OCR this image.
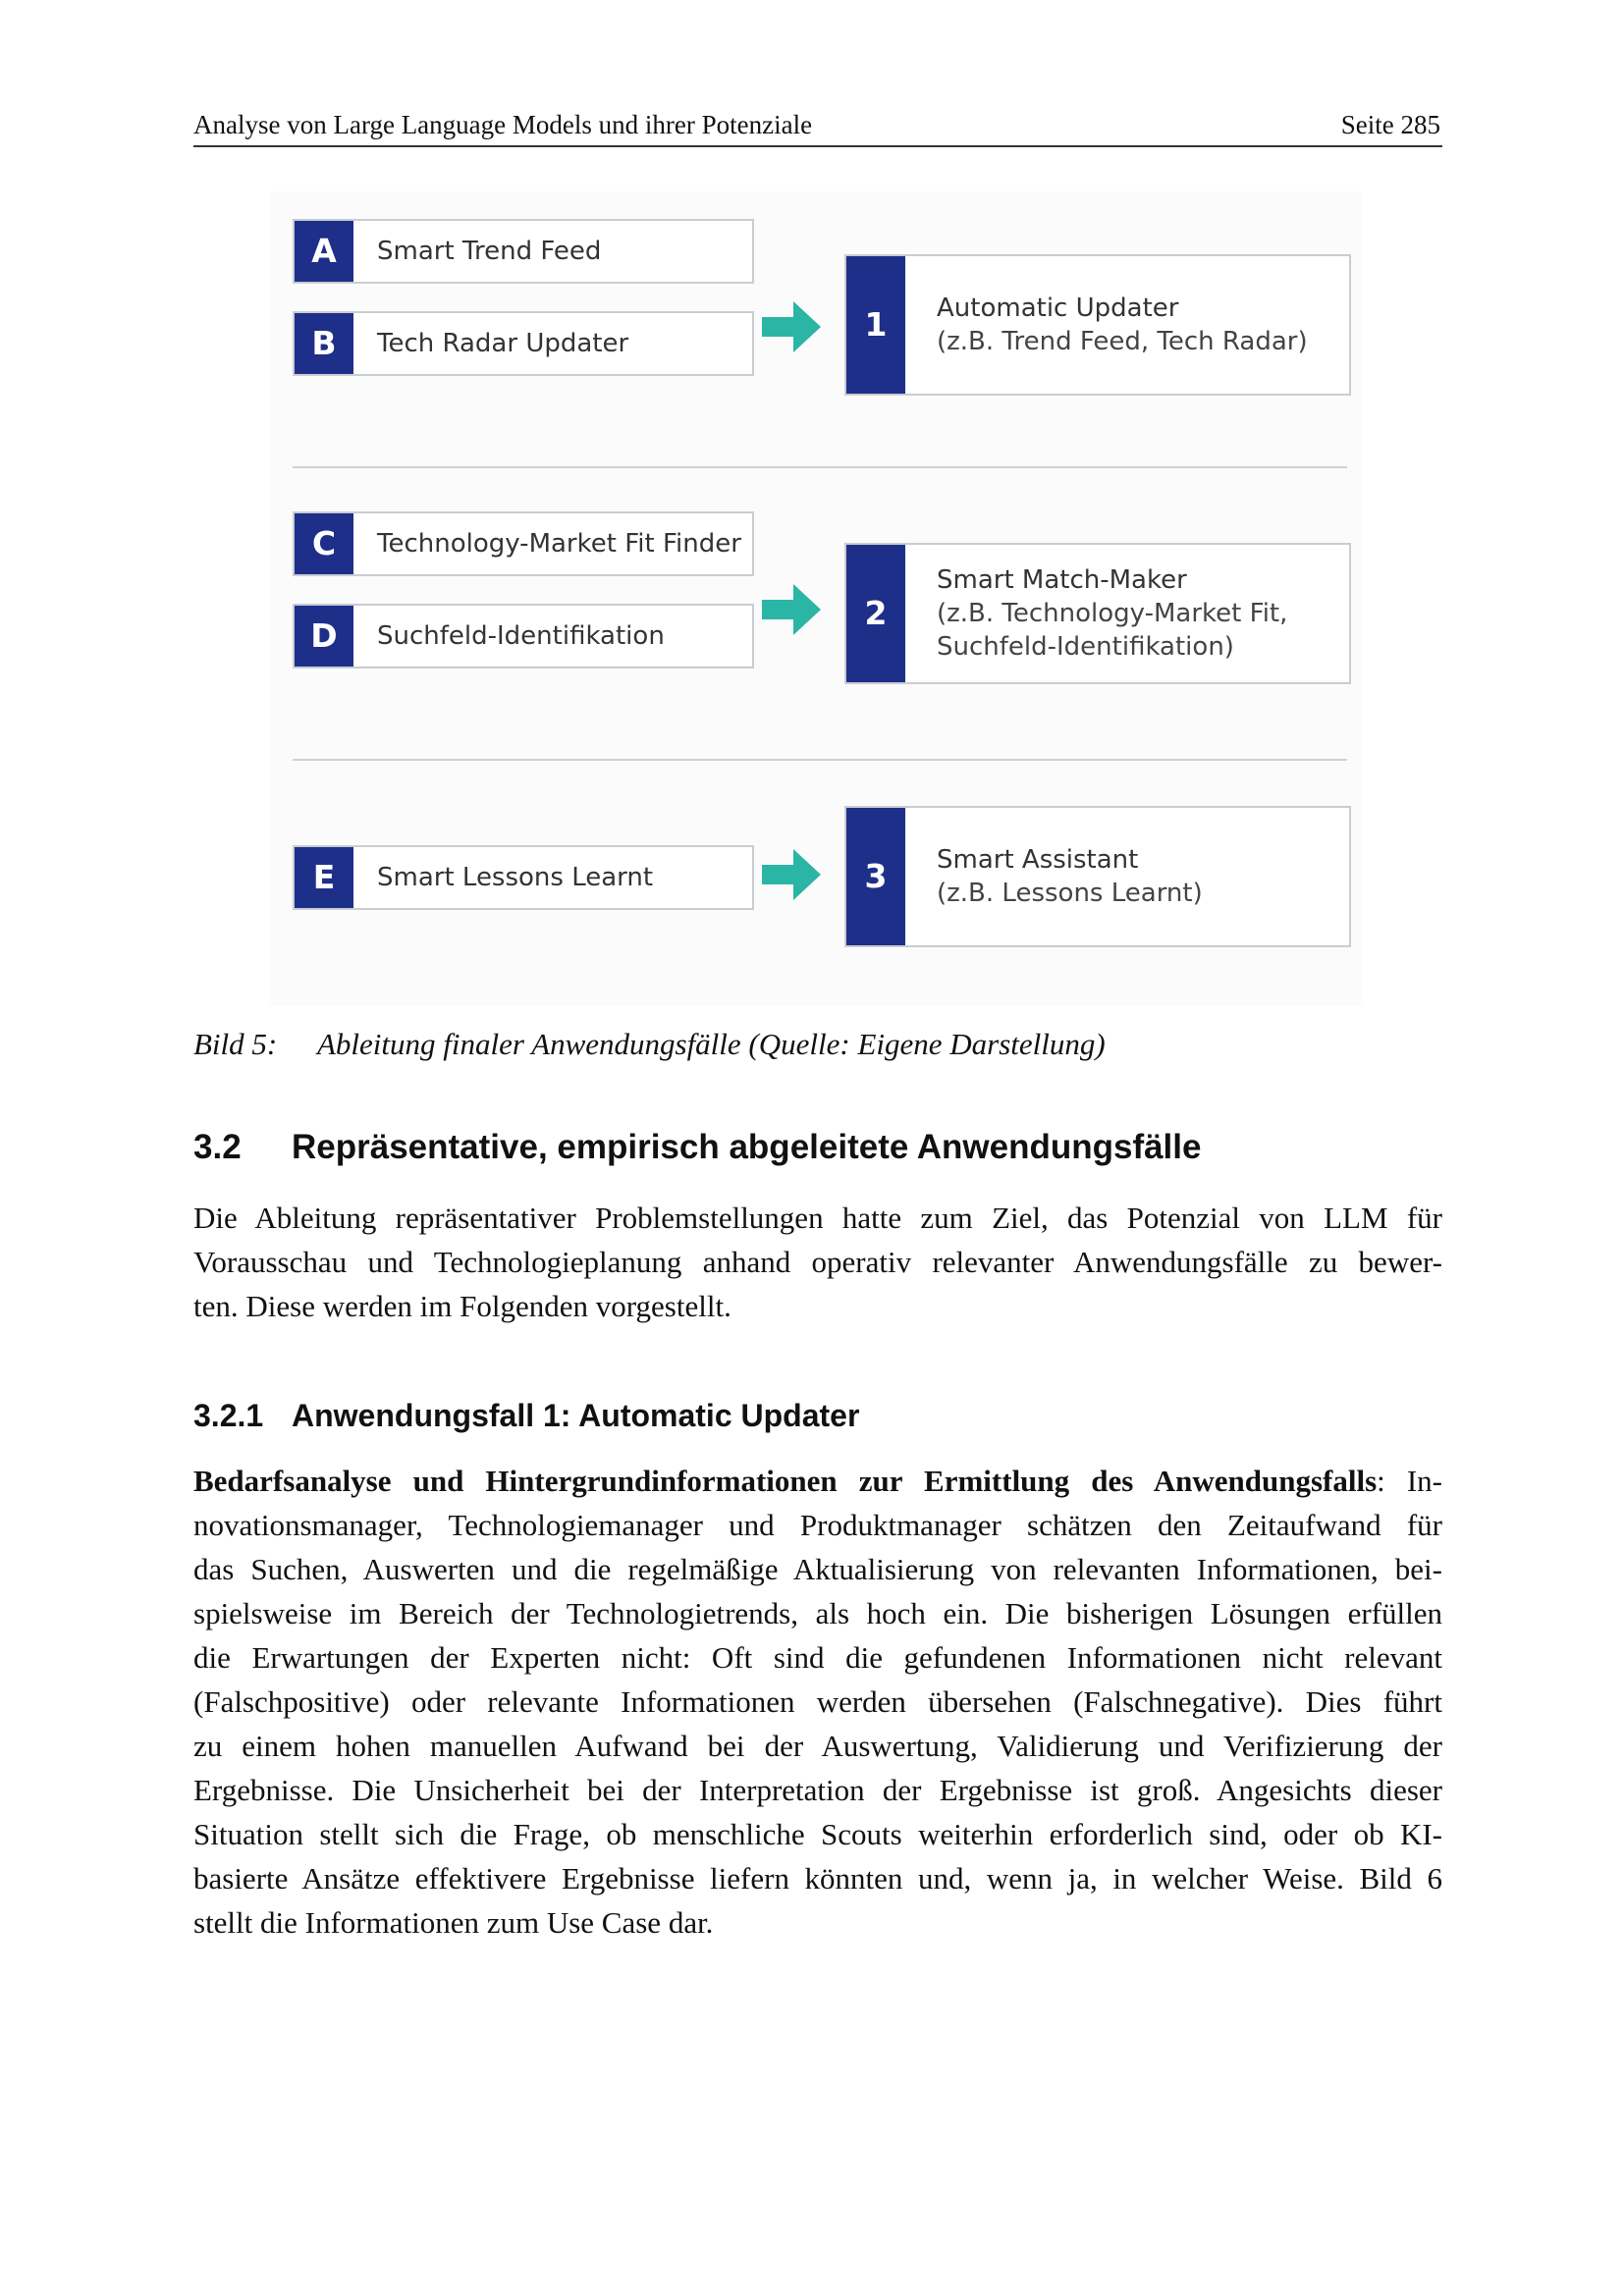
Analyse von Large Language Models und ihrer Potenziale	Seite 285
A	Smart Trend Feed
B	Tech Radar Updater	1	Automatic Updater
(z.B. Trend Feed, Tech Radar)
C	Technology-Market Fit Finder
D	Suchfeld-Identifikation
2
Smart Match-Maker
(z.B. Technology-Market Fit,
Suchfeld-Identifikation)
E	Smart Lessons Learnt	3	Smart Assistant
(z.B. Lessons Learnt)
Bild 5: Ableitung finaler Anwendungsfälle (Quelle: Eigene Darstellung)
3.2 Repräsentative, empirisch abgeleitete Anwendungsfälle
Die Ableitung repräsentativer Problemstellungen hatte zum Ziel, das Potenzial von LLM für
Vorausschau und Technologieplanung anhand operativ relevanter Anwendungsfälle zu bewer-
ten. Diese werden im Folgenden vorgestellt.
3.2.1 Anwendungsfall 1: Automatic Updater
Bedarfsanalyse und Hintergrundinformationen zur Ermittlung des Anwendungsfalls: In-
novationsmanager, Technologiemanager und Produktmanager schätzen den Zeitaufwand für
das Suchen, Auswerten und die regelmäßige Aktualisierung von relevanten Informationen, bei-
spielsweise im Bereich der Technologietrends, als hoch ein. Die bisherigen Lösungen erfüllen
die Erwartungen der Experten nicht: Oft sind die gefundenen Informationen nicht relevant
(Falschpositive) oder relevante Informationen werden übersehen (Falschnegative). Dies führt
zu einem hohen manuellen Aufwand bei der Auswertung, Validierung und Verifizierung der
Ergebnisse. Die Unsicherheit bei der Interpretation der Ergebnisse ist groß. Angesichts dieser
Situation stellt sich die Frage, ob menschliche Scouts weiterhin erforderlich sind, oder ob KI-
basierte Ansätze effektivere Ergebnisse liefern könnten und, wenn ja, in welcher Weise. Bild 6
stellt die Informationen zum Use Case dar.
